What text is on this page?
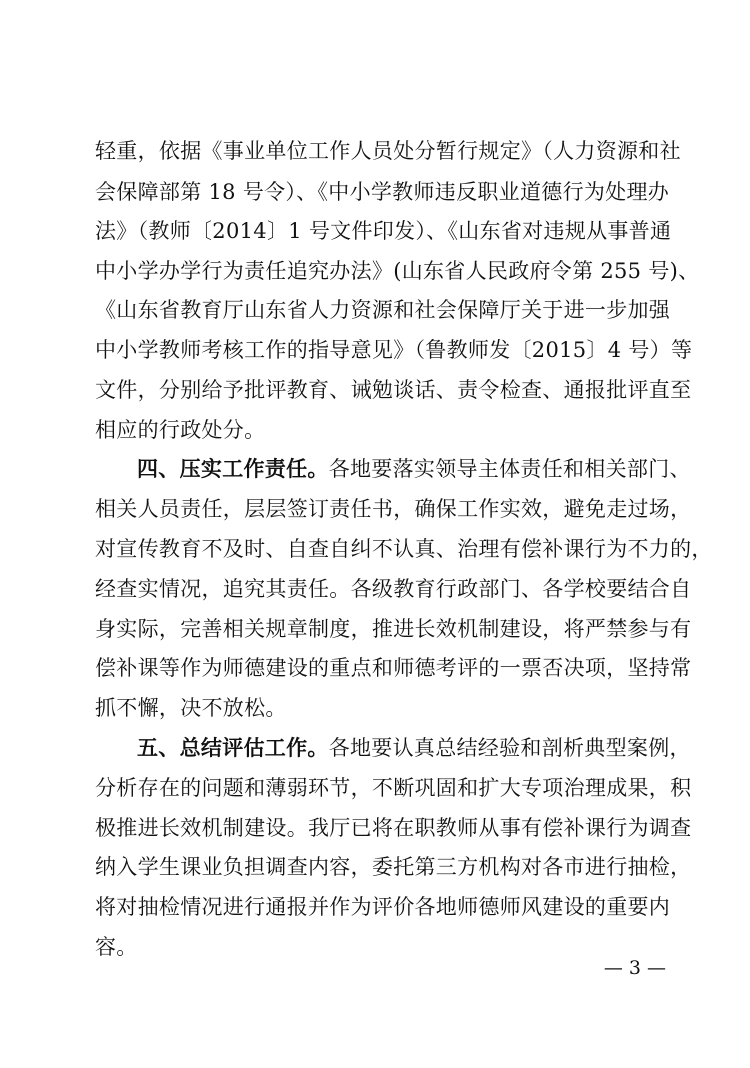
轻重，依据《事业单位工作人员处分暂行规定》（人力资源和社
会保障部第 18 号令）、《中小学教师违反职业道德行为处理办
法》（教师〔2014〕1 号文件印发）、《山东省对违规从事普通
中小学办学行为责任追究办法》(山东省人民政府令第 255 号)、
《山东省教育厅山东省人力资源和社会保障厅关于进一步加强
中小学教师考核工作的指导意见》（鲁教师发〔2015〕4 号）等
文件，分别给予批评教育、诫勉谈话、责令检查、通报批评直至
相应的行政处分。
四、压实工作责任。各地要落实领导主体责任和相关部门、
相关人员责任，层层签订责任书，确保工作实效，避免走过场，
对宣传教育不及时、自查自纠不认真、治理有偿补课行为不力的，
经查实情况，追究其责任。各级教育行政部门、各学校要结合自
身实际，完善相关规章制度，推进长效机制建设，将严禁参与有
偿补课等作为师德建设的重点和师德考评的一票否决项，坚持常
抓不懈，决不放松。
五、总结评估工作。各地要认真总结经验和剖析典型案例，
分析存在的问题和薄弱环节，不断巩固和扩大专项治理成果，积
极推进长效机制建设。我厅已将在职教师从事有偿补课行为调查
纳入学生课业负担调查内容，委托第三方机构对各市进行抽检，
将对抽检情况进行通报并作为评价各地师德师风建设的重要内
容。
— 3 —
